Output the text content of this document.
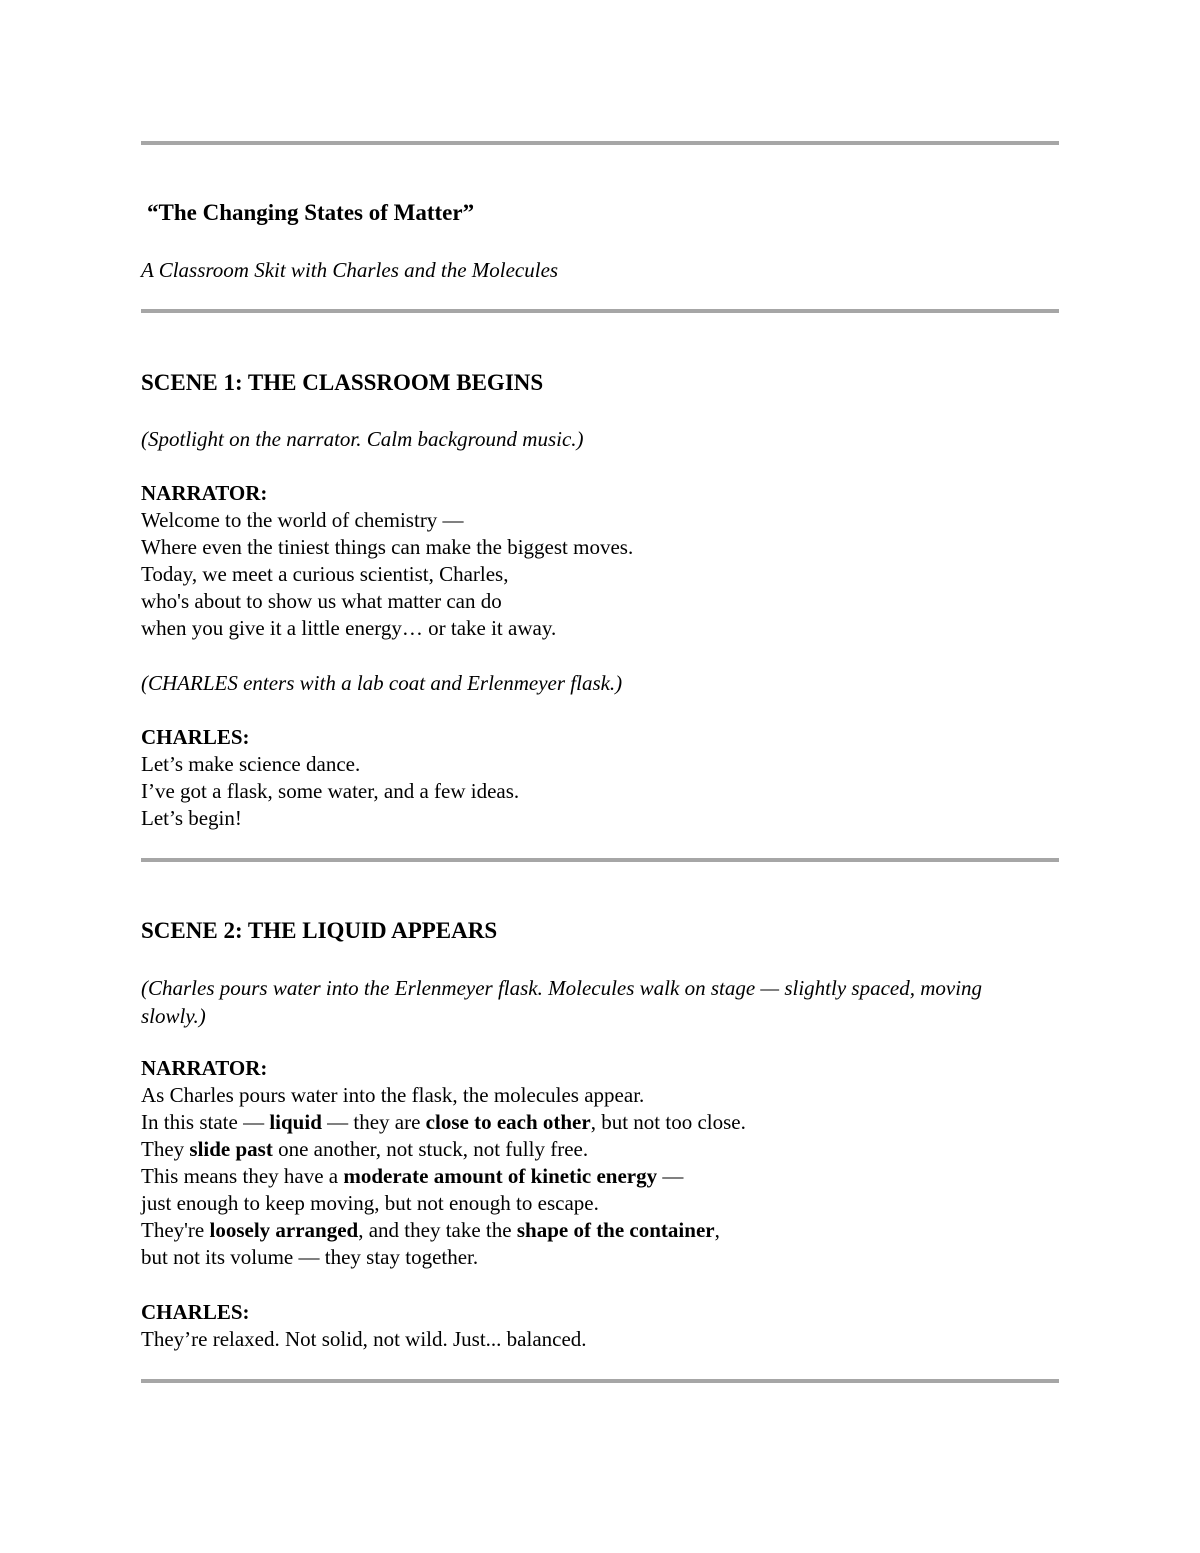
“The Changing States of Matter”
A Classroom Skit with Charles and the Molecules
SCENE 1: THE CLASSROOM BEGINS
(Spotlight on the narrator. Calm background music.)
NARRATOR:
Welcome to the world of chemistry —
Where even the tiniest things can make the biggest moves.
Today, we meet a curious scientist, Charles,
who's about to show us what matter can do
when you give it a little energy… or take it away.
(CHARLES enters with a lab coat and Erlenmeyer flask.)
CHARLES:
Let’s make science dance.
I’ve got a flask, some water, and a few ideas.
Let’s begin!
SCENE 2: THE LIQUID APPEARS
(Charles pours water into the Erlenmeyer flask. Molecules walk on stage — slightly spaced, moving slowly.)
NARRATOR:
As Charles pours water into the flask, the molecules appear.
In this state — liquid — they are close to each other, but not too close.
They slide past one another, not stuck, not fully free.
This means they have a moderate amount of kinetic energy —
just enough to keep moving, but not enough to escape.
They're loosely arranged, and they take the shape of the container,
but not its volume — they stay together.
CHARLES:
They’re relaxed. Not solid, not wild. Just... balanced.
